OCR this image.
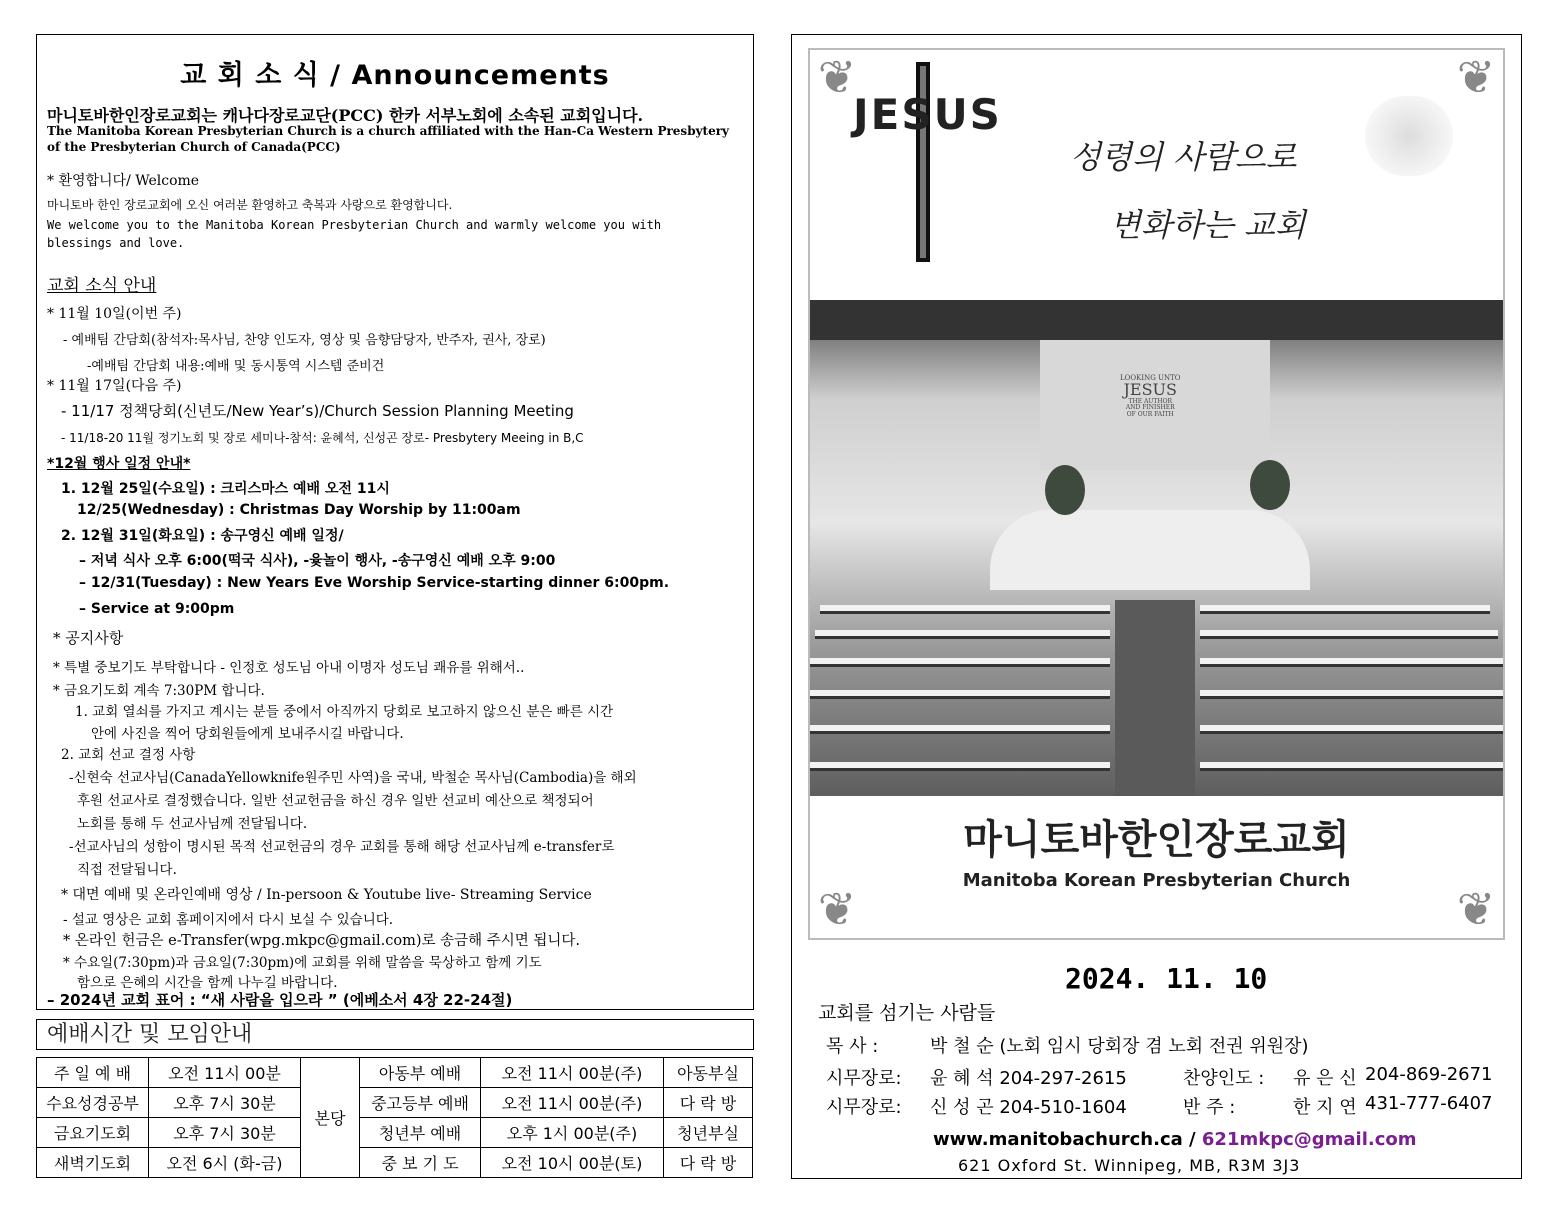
교 회 소 식 / Announcements
마니토바한인장로교회는 캐나다장로교단(PCC) 한카 서부노회에 소속된 교회입니다.
The Manitoba Korean Presbyterian Church is a church affiliated with the Han-Ca Western Presbytery
of the Presbyterian Church of Canada(PCC)
* 환영합니다/ Welcome
마니토바 한인 장로교회에 오신 여러분 환영하고 축복과 사랑으로 환영합니다.
We welcome you to the Manitoba Korean Presbyterian Church and warmly welcome you with
blessings and love.
교회 소식 안내
* 11월 10일(이번 주)
- 예배팀 간담회(참석자:목사님, 찬양 인도자, 영상 및 음향담당자, 반주자, 권사, 장로)
-예배팀 간담회 내용:예배 및 동시통역 시스템 준비건
* 11월 17일(다음 주)
- 11/17 정책당회(신년도/New Year’s)/Church Session Planning Meeting
- 11/18-20 11월 정기노회 및 장로 세미나-참석: 윤혜석, 신성곤 장로- Presbytery Meeing in B,C
*12월 행사 일정 안내*
1. 12월 25일(수요일) : 크리스마스 예배 오전 11시
12/25(Wednesday) : Christmas Day Worship by 11:00am
2. 12월 31일(화요일) : 송구영신 예배 일정/
– 저녁 식사 오후 6:00(떡국 식사), -윷놀이 행사, -송구영신 예배 오후 9:00
– 12/31(Tuesday) : New Years Eve Worship Service-starting dinner 6:00pm.
– Service at 9:00pm
* 공지사항
* 특별 중보기도 부탁합니다 - 인정호 성도님 아내 이명자 성도님 쾌유를 위해서..
* 금요기도회 계속 7:30PM 합니다.
1. 교회 열쇠를 가지고 계시는 분들 중에서 아직까지 당회로 보고하지 않으신 분은 빠른 시간
안에 사진을 찍어 당회원들에게 보내주시길 바랍니다.
2. 교회 선교 결정 사항
-신현숙 선교사님(CanadaYellowknife원주민 사역)을 국내, 박철순 목사님(Cambodia)을 해외
후원 선교사로 결정했습니다. 일반 선교헌금을 하신 경우 일반 선교비 예산으로 책정되어
노회를 통해 두 선교사님께 전달됩니다.
-선교사님의 성함이 명시된 목적 선교헌금의 경우 교회를 통해 해당 선교사님께 e-transfer로
직접 전달됩니다.
* 대면 예배 및 온라인예배 영상 / In-persoon & Youtube live- Streaming Service
- 설교 영상은 교회 홈페이지에서 다시 보실 수 있습니다.
* 온라인 헌금은 e-Transfer(wpg.mkpc@gmail.com)로 송금해 주시면 됩니다.
* 수요일(7:30pm)과 금요일(7:30pm)에 교회를 위해 말씀을 묵상하고 함께 기도
함으로 은혜의 시간을 함께 나누길 바랍니다.
– 2024년 교회 표어 : “새 사람을 입으라 ” (에베소서 4장 22-24절)
예배시간 및 모임안내
주 일 예 배	오전 11시 00분	본당	아동부 예배	오전 11시 00분(주)	아동부실
수요성경공부	오후 7시 30분		중고등부 예배	오전 11시 00분(주)	다 락 방
금요기도회	오후 7시 30분		청년부 예배	오후 1시 00분(주)	청년부실
새벽기도회	오전 6시 (화-금)		중 보 기 도	오전 10시 00분(토)	다 락 방
❦	❦
❦	❦
JESUS
성령의 사람으로
변화하는 교회
LOOKING UNTO
JESUS
THE AUTHOR
AND FINISHER
OF OUR FAITH
마니토바한인장로교회
Manitoba Korean Presbyterian Church
2024. 11. 10
교회를 섬기는 사람들
목 사 :	박 철 순 (노회 임시 당회장 겸 노회 전권 위원장)
시무장로: 윤 혜 석 204-297-2615	찬양인도 : 유 은 신 204-869-2671
시무장로: 신 성 곤 204-510-1604	반 주 :	한 지 연 431-777-6407
www.manitobachurch.ca / 621mkpc@gmail.com
621 Oxford St. Winnipeg, MB, R3M 3J3
